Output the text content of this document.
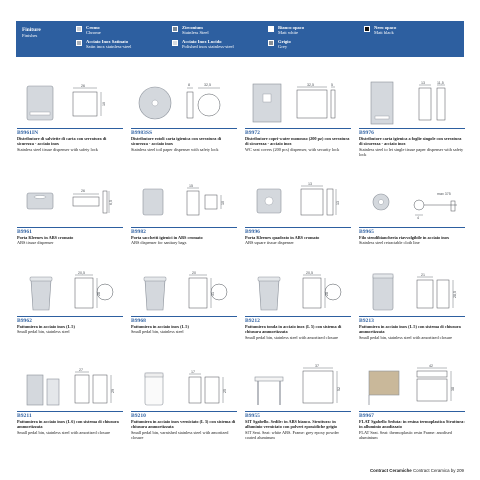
Finiture
Finishes
Cromo
Chrome
Acciaio Inox Satinato
Satin inox stainless-steel
Zirconium
Stainless Steel
Acciaio Inox Lucido
Polished inox stainless-steel
Bianco opaco
Matt white
Grigio
Grey
Nero opaco
Matt black
26
10
B9961IN
Distributore di salviette di carta con serratura di sicurezza - acciaio inox
Stainless steel tissue dispenser with safety lock
8	32,5
B9983SS
Distributore rotoli carta igienica con serratura di sicurezza - acciaio inox
Stainless steel toil paper dispenser with safety lock
32,5	5
B9972
Distributore copri-water monouso (200 pz) con serratura di sicurezza - acciaio inox
WC seat covers (200 pcs) dispenser, with security lock
13	11,5
B9976
Distributore carta igienica a foglie singole con serratura di sicurezza - acciaio inox
Stainless steel to let single tissue paper dispenser with safety lock
26
6,5
B9961
Porta Kleenex in ABS cromato
ABS tissue dispenser
15
10
B9982
Porta sacchetti igienici in ABS cromato
ABS dispenser for sanitary bags
13
13
B9996
Porta Kleenex quadrato in ABS cromato
ABS square tissue dispenser
4
max 375
B9965
Filo stendibiancheria riavvolgibile in acciaio inox
Stainless steel retractable cloth line
20,5
28
B9962
Pattumiera in acciaio inox (L 5)
Small pedal bin, stainless steel
20
31
B9968
Pattumiera in acciaio inox (L 5)
Small pedal bin, stainless steel
20,5
28
B9212
Pattumiera tonda in acciaio inox (L 5) con sistema di chiusura ammortizzata
Small pedal bin, stainless steel with amortized closure
21
28,5
B9213
Pattumiera in acciaio inox (L 5) con sistema di chiusura ammortizzata
Small pedal bin, stainless steel with amortized closure
27
29
B9211
Pattumiera in acciaio inox (L 6) con sistema di chiusura ammortizzata
Small pedal bin, stainless steel with amortized closure
17
25
B9210
Pattumiera in acciaio inox verniciato (L 3) con sistema di chiusura ammortizzata
Small pedal bin, varnished stainless steel with amortized closure
37
52
B9955
SIT Sgabello. Sedile: in ABS bianco. Struttura: in alluminio verniciato con polveri epossidiche grigio
SIT Seat. Seat: white ABS. Frame: grey epoxy powder coated aluminum
42
38
B9967
FLAT Sgabello Seduta: in resina termoplastica Struttura: in alluminio anodizzato
FLAT Seat. Seat: thermoplastic resin Frame: anodised aluminium
Contract Ceramiche Contract Ceramica by 209
